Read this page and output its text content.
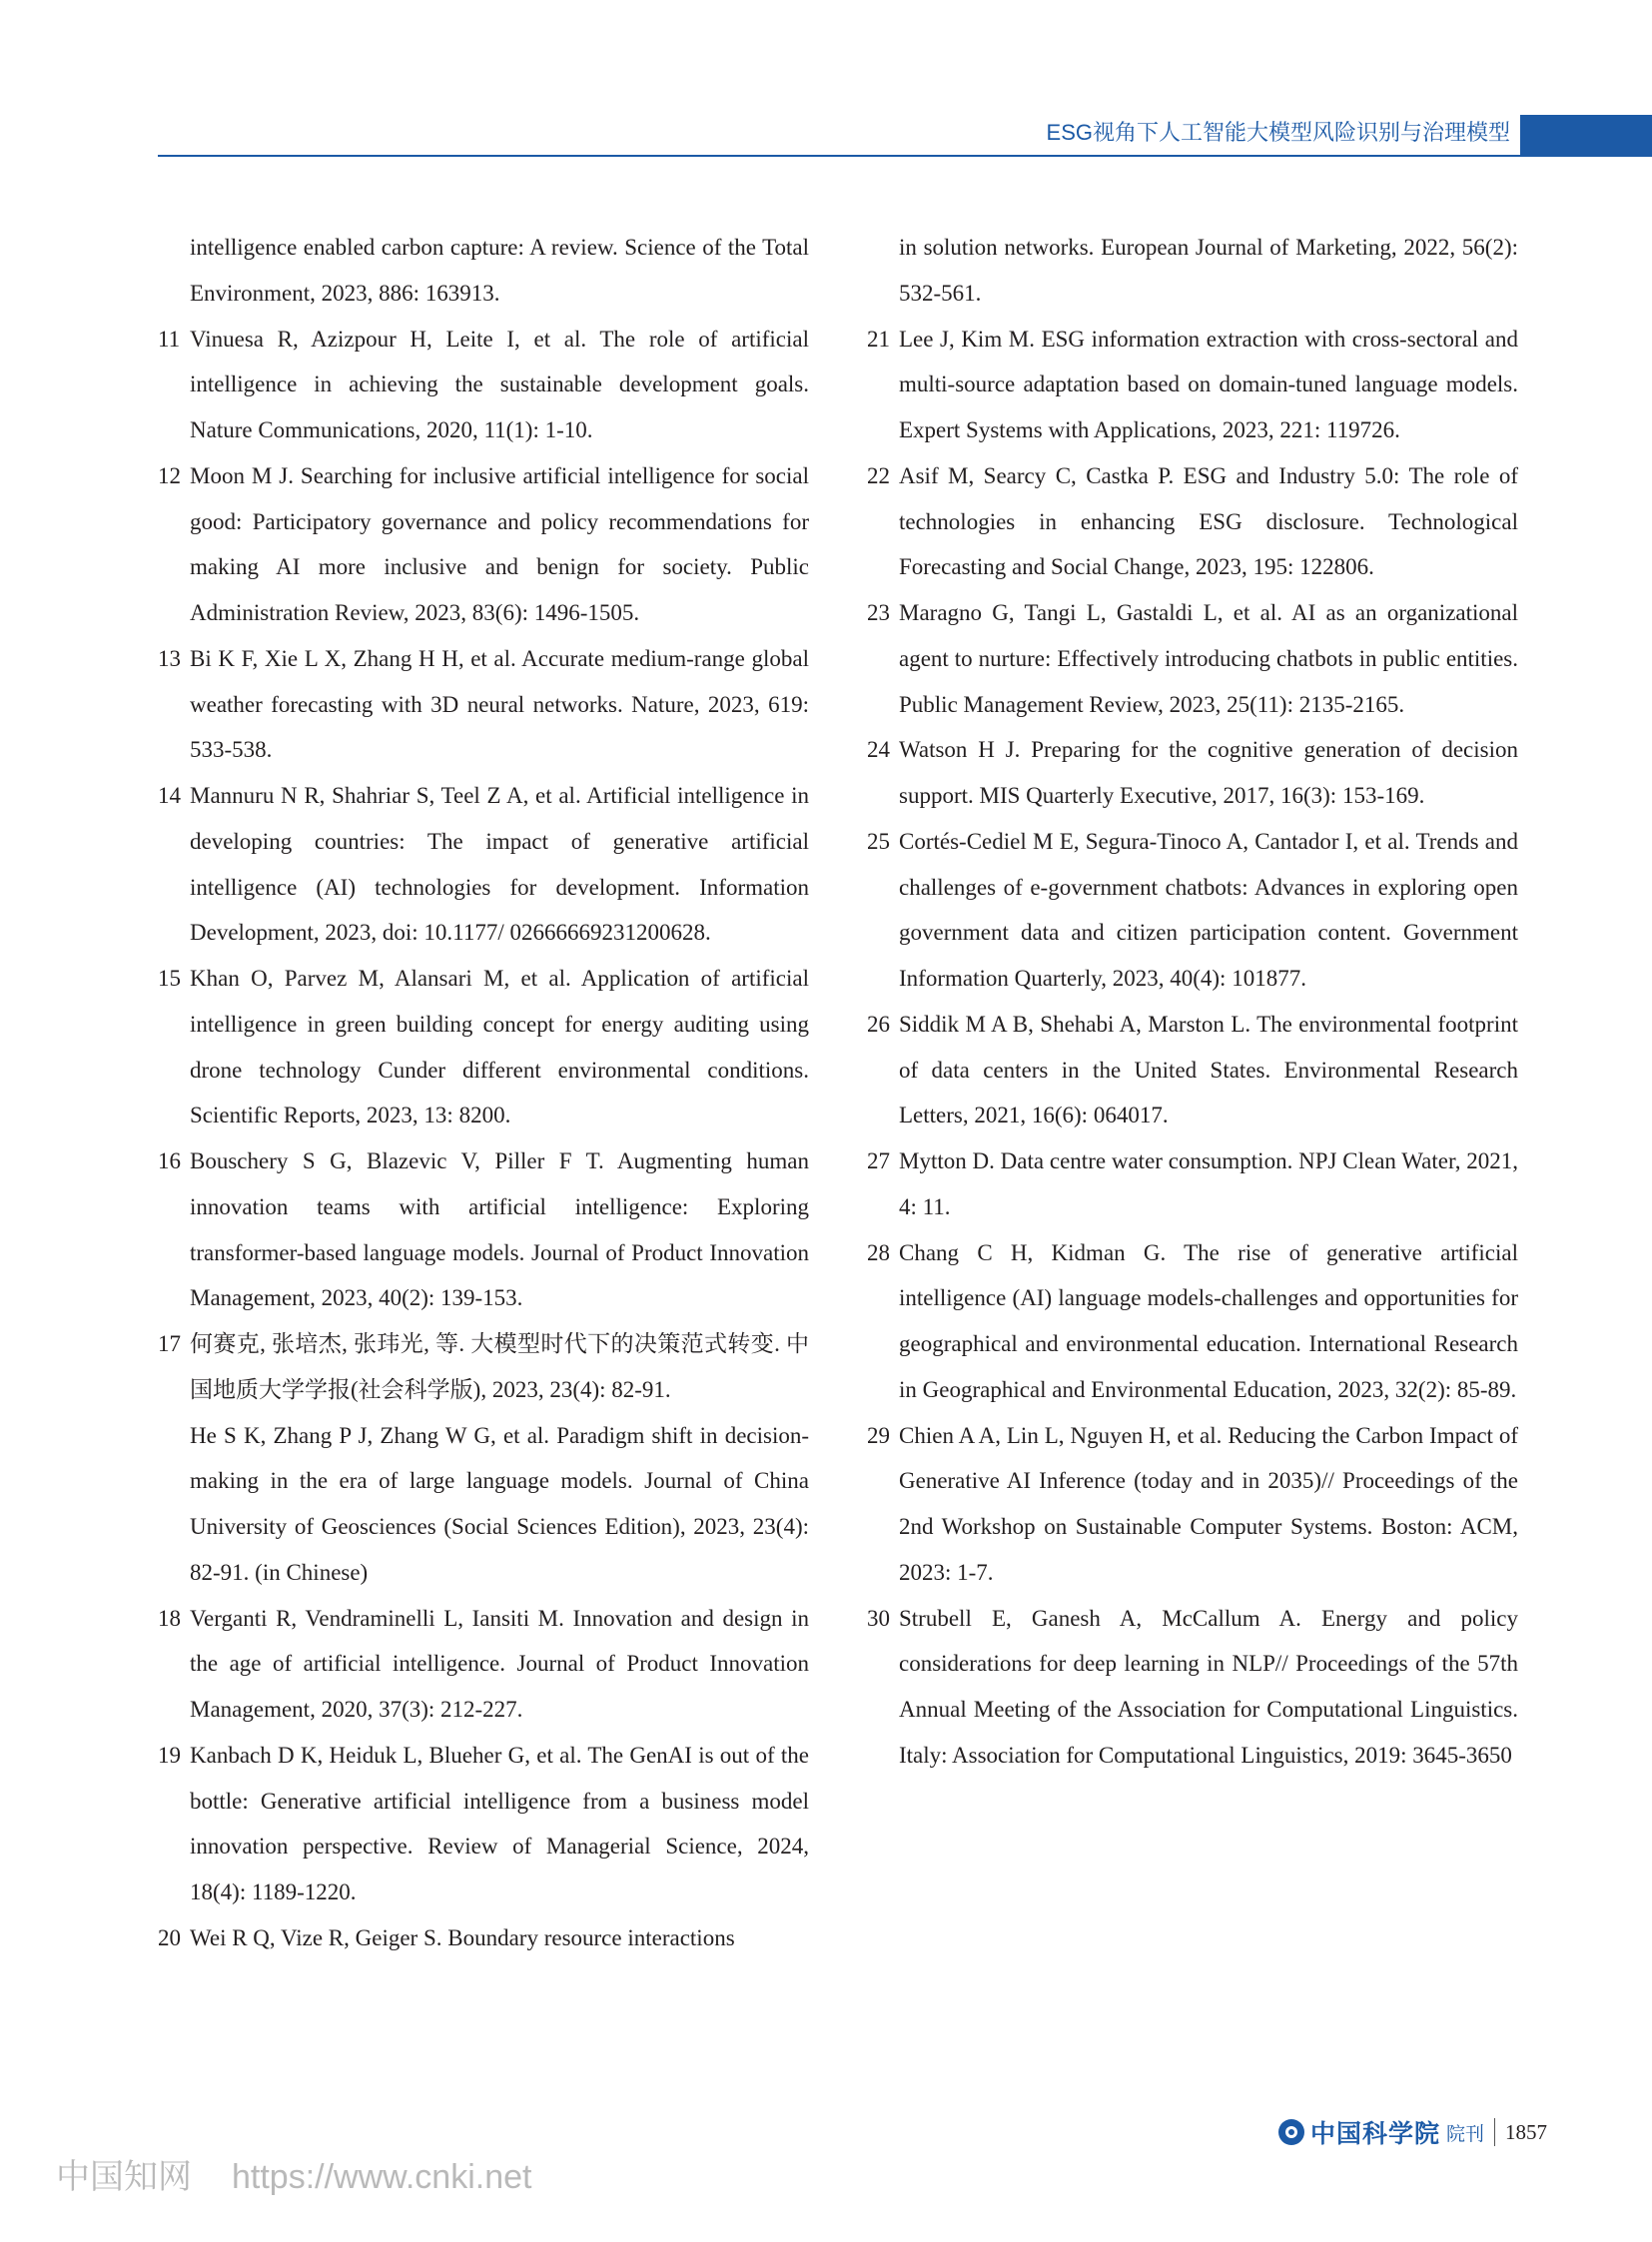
ESG视角下人工智能大模型风险识别与治理模型
intelligence enabled carbon capture: A review. Science of the Total Environment, 2023, 886: 163913.
11 Vinuesa R, Azizpour H, Leite I, et al. The role of artificial intelligence in achieving the sustainable development goals. Nature Communications, 2020, 11(1): 1-10.
12 Moon M J. Searching for inclusive artificial intelligence for social good: Participatory governance and policy recommendations for making AI more inclusive and benign for society. Public Administration Review, 2023, 83(6): 1496-1505.
13 Bi K F, Xie L X, Zhang H H, et al. Accurate medium-range global weather forecasting with 3D neural networks. Nature, 2023, 619: 533-538.
14 Mannuru N R, Shahriar S, Teel Z A, et al. Artificial intelligence in developing countries: The impact of generative artificial intelligence (AI) technologies for development. Information Development, 2023, doi: 10.1177/ 02666669231200628.
15 Khan O, Parvez M, Alansari M, et al. Application of artificial intelligence in green building concept for energy auditing using drone technology Cunder different environmental conditions. Scientific Reports, 2023, 13: 8200.
16 Bouschery S G, Blazevic V, Piller F T. Augmenting human innovation teams with artificial intelligence: Exploring transformer-based language models. Journal of Product Innovation Management, 2023, 40(2): 139-153.
17 何赛克, 张培杰, 张玮光, 等. 大模型时代下的决策范式转变. 中国地质大学学报(社会科学版), 2023, 23(4): 82-91.
He S K, Zhang P J, Zhang W G, et al. Paradigm shift in decision-making in the era of large language models. Journal of China University of Geosciences (Social Sciences Edition), 2023, 23(4): 82-91. (in Chinese)
18 Verganti R, Vendraminelli L, Iansiti M. Innovation and design in the age of artificial intelligence. Journal of Product Innovation Management, 2020, 37(3): 212-227.
19 Kanbach D K, Heiduk L, Blueher G, et al. The GenAI is out of the bottle: Generative artificial intelligence from a business model innovation perspective. Review of Managerial Science, 2024, 18(4): 1189-1220.
20 Wei R Q, Vize R, Geiger S. Boundary resource interactions
in solution networks. European Journal of Marketing, 2022, 56(2): 532-561.
21 Lee J, Kim M. ESG information extraction with cross-sectoral and multi-source adaptation based on domain-tuned language models. Expert Systems with Applications, 2023, 221: 119726.
22 Asif M, Searcy C, Castka P. ESG and Industry 5.0: The role of technologies in enhancing ESG disclosure. Technological Forecasting and Social Change, 2023, 195: 122806.
23 Maragno G, Tangi L, Gastaldi L, et al. AI as an organizational agent to nurture: Effectively introducing chatbots in public entities. Public Management Review, 2023, 25(11): 2135-2165.
24 Watson H J. Preparing for the cognitive generation of decision support. MIS Quarterly Executive, 2017, 16(3): 153-169.
25 Cortés-Cediel M E, Segura-Tinoco A, Cantador I, et al. Trends and challenges of e-government chatbots: Advances in exploring open government data and citizen participation content. Government Information Quarterly, 2023, 40(4): 101877.
26 Siddik M A B, Shehabi A, Marston L. The environmental footprint of data centers in the United States. Environmental Research Letters, 2021, 16(6): 064017.
27 Mytton D. Data centre water consumption. NPJ Clean Water, 2021, 4: 11.
28 Chang C H, Kidman G. The rise of generative artificial intelligence (AI) language models-challenges and opportunities for geographical and environmental education. International Research in Geographical and Environmental Education, 2023, 32(2): 85-89.
29 Chien A A, Lin L, Nguyen H, et al. Reducing the Carbon Impact of Generative AI Inference (today and in 2035)// Proceedings of the 2nd Workshop on Sustainable Computer Systems. Boston: ACM, 2023: 1-7.
30 Strubell E, Ganesh A, McCallum A. Energy and policy considerations for deep learning in NLP// Proceedings of the 57th Annual Meeting of the Association for Computational Linguistics. Italy: Association for Computational Linguistics, 2019: 3645-3650
中国科学院 院刊 1857
中国知网 https://www.cnki.net
